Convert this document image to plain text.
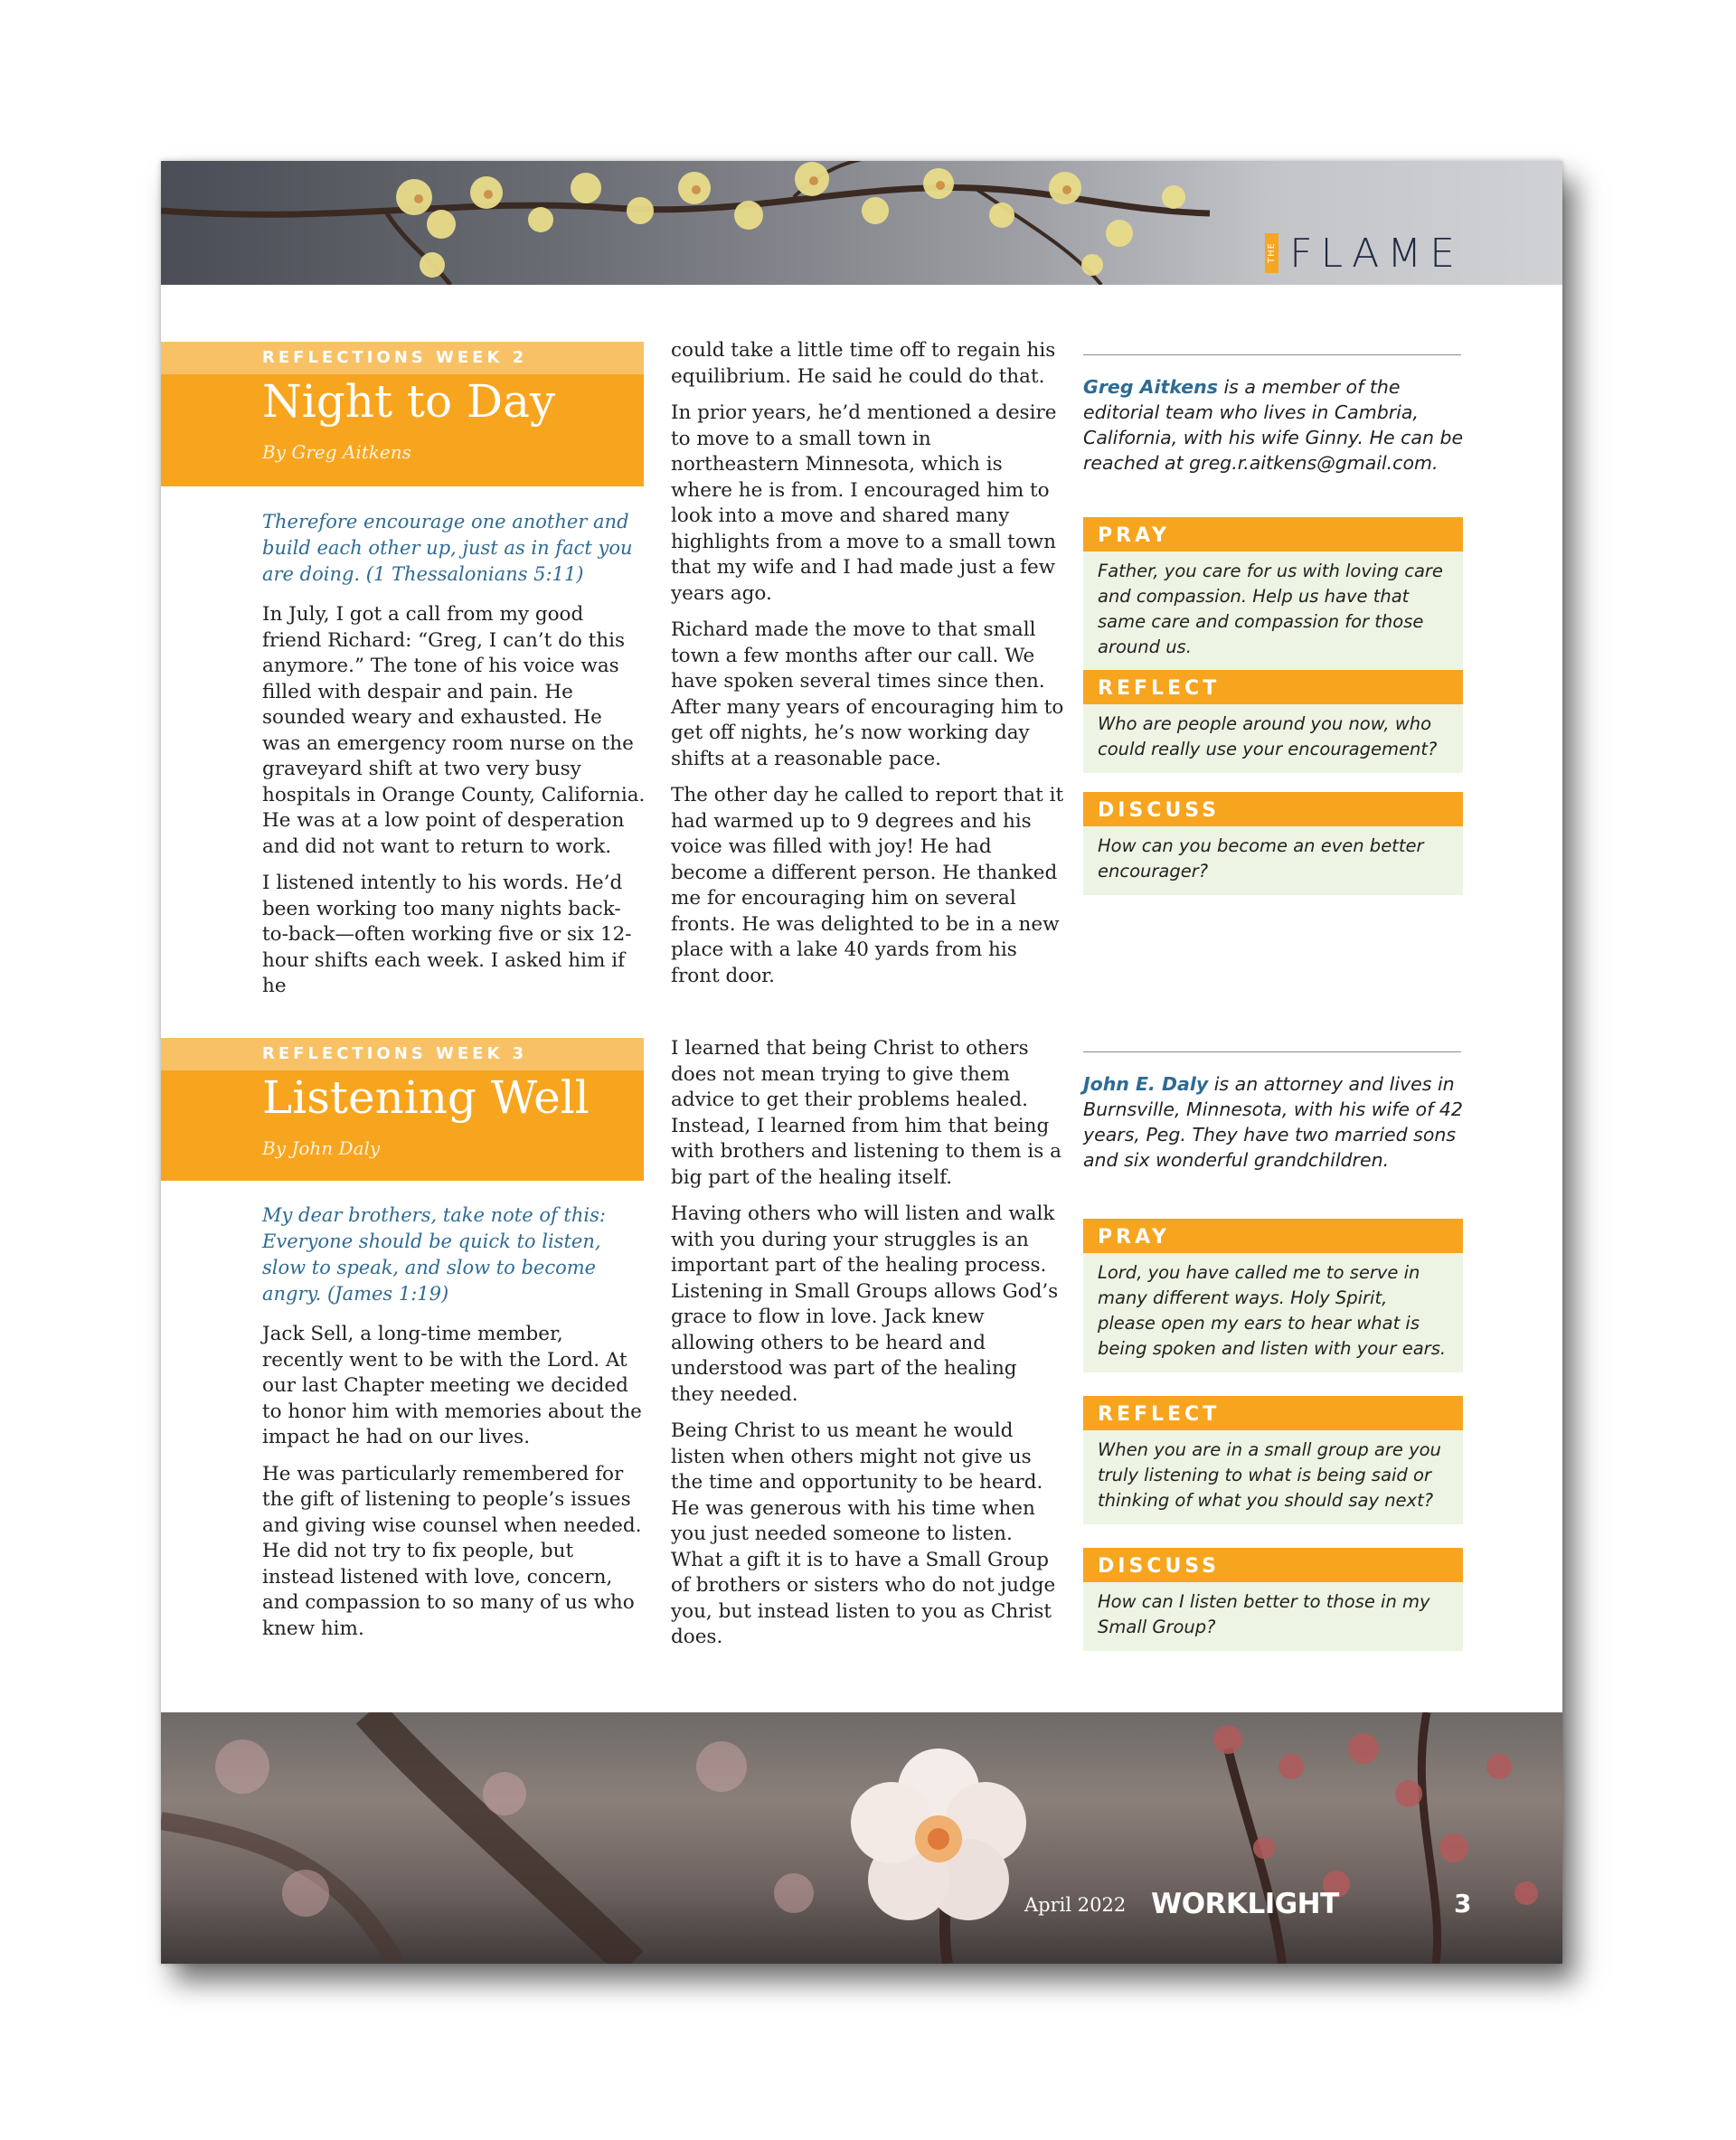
THE FLAME
REFLECTIONS WEEK 2
Night to Day
By Greg Aitkens

Therefore encourage one another and build each other up, just as in fact you are doing. (1 Thessalonians 5:11)

In July, I got a call from my good friend Richard: “Greg, I can’t do this anymore.” The tone of his voice was filled with despair and pain. He sounded weary and exhausted. He was an emergency room nurse on the graveyard shift at two very busy hospitals in Orange County, California. He was at a low point of desperation and did not want to return to work.

I listened intently to his words. He’d been working too many nights back-to-back—often working five or six 12-hour shifts each week. I asked him if he

could take a little time off to regain his equilibrium. He said he could do that.

In prior years, he’d mentioned a desire to move to a small town in northeastern Minnesota, which is where he is from. I encouraged him to look into a move and shared many highlights from a move to a small town that my wife and I had made just a few years ago.

Richard made the move to that small town a few months after our call. We have spoken several times since then. After many years of encouraging him to get off nights, he’s now working day shifts at a reasonable pace.

The other day he called to report that it had warmed up to 9 degrees and his voice was filled with joy! He had become a different person. He thanked me for encouraging him on several fronts. He was delighted to be in a new place with a lake 40 yards from his front door.

Greg Aitkens is a member of the editorial team who lives in Cambria, California, with his wife Ginny. He can be reached at greg.r.aitkens@gmail.com.
PRAY
Father, you care for us with loving care and compassion. Help us have that same care and compassion for those around us.
REFLECT
Who are people around you now, who could really use your encouragement?
DISCUSS
How can you become an even better encourager?
REFLECTIONS WEEK 3
Listening Well
By John Daly

My dear brothers, take note of this: Everyone should be quick to listen, slow to speak, and slow to become angry. (James 1:19)

Jack Sell, a long-time member, recently went to be with the Lord. At our last Chapter meeting we decided to honor him with memories about the impact he had on our lives.

He was particularly remembered for the gift of listening to people’s issues and giving wise counsel when needed. He did not try to fix people, but instead listened with love, concern, and compassion to so many of us who knew him.

I learned that being Christ to others does not mean trying to give them advice to get their problems healed. Instead, I learned from him that being with brothers and listening to them is a big part of the healing itself.

Having others who will listen and walk with you during your struggles is an important part of the healing process. Listening in Small Groups allows God’s grace to flow in love. Jack knew allowing others to be heard and understood was part of the healing they needed.

Being Christ to us meant he would listen when others might not give us the time and opportunity to be heard. He was generous with his time when you just needed someone to listen. What a gift it is to have a Small Group of brothers or sisters who do not judge you, but instead listen to you as Christ does.

John E. Daly is an attorney and lives in Burnsville, Minnesota, with his wife of 42 years, Peg. They have two married sons and six wonderful grandchildren.
PRAY
Lord, you have called me to serve in many different ways. Holy Spirit, please open my ears to hear what is being spoken and listen with your ears.
REFLECT
When you are in a small group are you truly listening to what is being said or thinking of what you should say next?
DISCUSS
How can I listen better to those in my Small Group?
April 2022 WORKLIGHT	3
